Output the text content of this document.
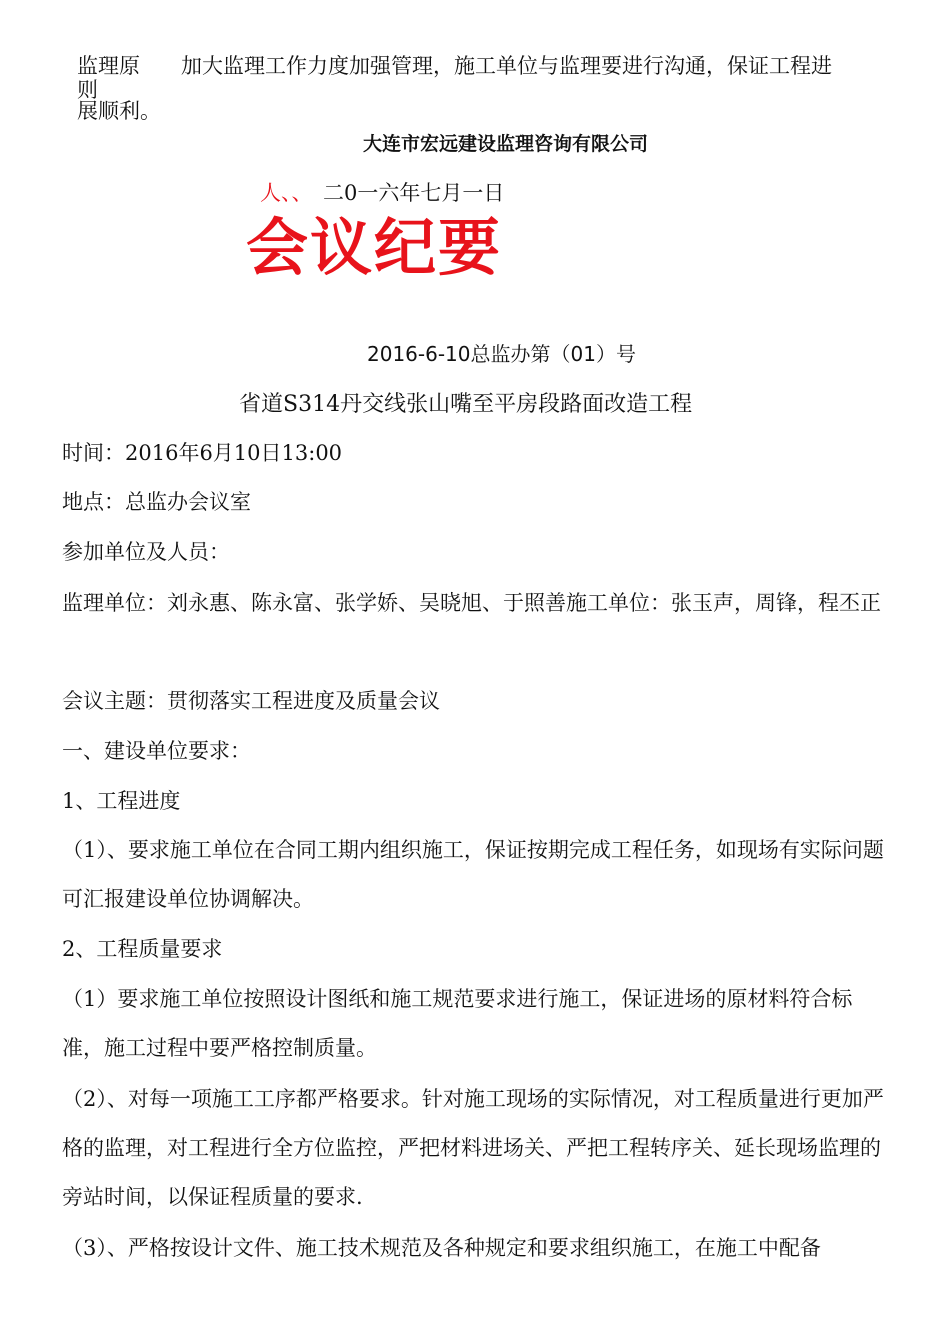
监理原则
加大监理工作力度加强管理，施工单位与监理要进行沟通，保证工程进
展顺利。
大连市宏远建设监理咨询有限公司
人、、 二0一六年七月一日
会议纪要
2016-6-10总监办第（01）号
省道S314丹交线张山嘴至平房段路面改造工程
时间：2016年6月10日13:00
地点：总监办会议室
参加单位及人员：
监理单位：刘永惠、陈永富、张学娇、吴晓旭、于照善施工单位：张玉声，周锋，程丕正
会议主题：贯彻落实工程进度及质量会议
一、建设单位要求：
1、工程进度
（1）、要求施工单位在合同工期内组织施工，保证按期完成工程任务，如现场有实际问题可汇报建设单位协调解决。
2、工程质量要求
（1）要求施工单位按照设计图纸和施工规范要求进行施工，保证进场的原材料符合标准，施工过程中要严格控制质量。
（2）、对每一项施工工序都严格要求。针对施工现场的实际情况，对工程质量进行更加严格的监理，对工程进行全方位监控，严把材料进场关、严把工程转序关、延长现场监理的旁站时间，以保证程质量的要求.
（3）、严格按设计文件、施工技术规范及各种规定和要求组织施工，在施工中配备
